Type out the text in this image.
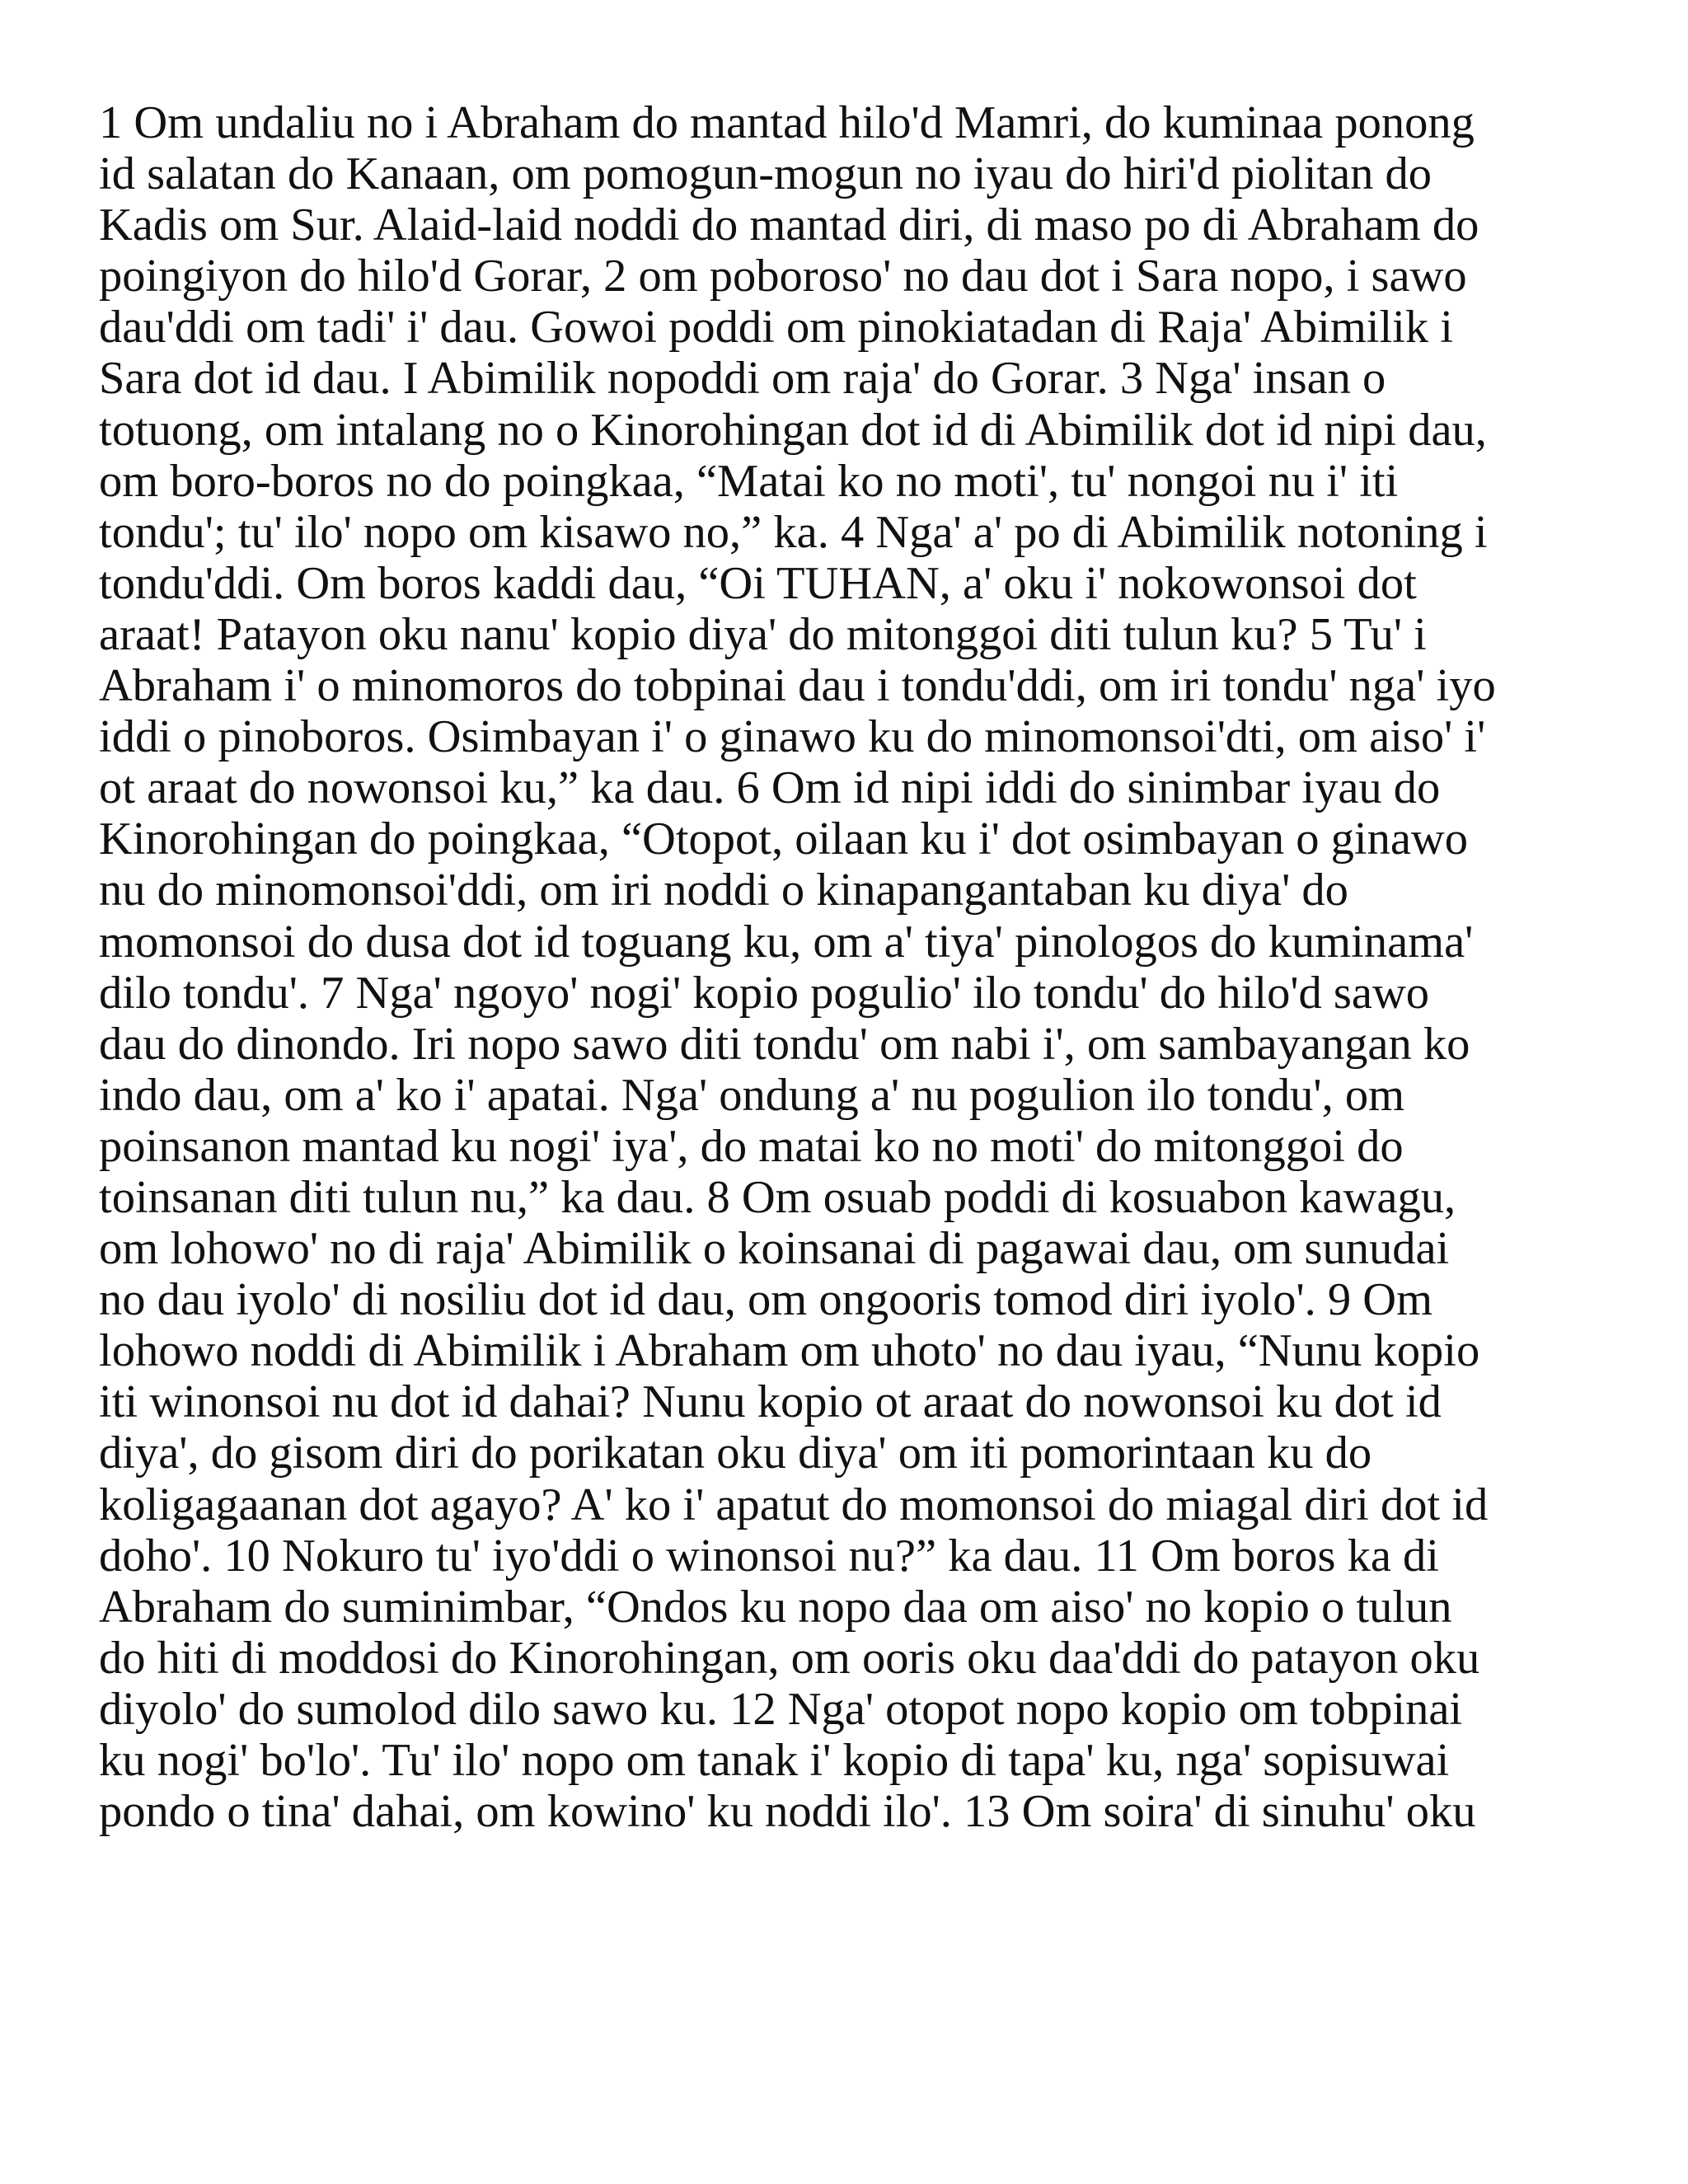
1 Om undaliu no i Abraham do mantad hilo'd Mamri, do kuminaa ponong
id salatan do Kanaan, om pomogun-mogun no iyau do hiri'd piolitan do
Kadis om Sur. Alaid-laid noddi do mantad diri, di maso po di Abraham do
poingiyon do hilo'd Gorar, 2 om poboroso' no dau dot i Sara nopo, i sawo
dau'ddi om tadi' i' dau. Gowoi poddi om pinokiatadan di Raja' Abimilik i
Sara dot id dau. I Abimilik nopoddi om raja' do Gorar. 3 Nga' insan o
totuong, om intalang no o Kinorohingan dot id di Abimilik dot id nipi dau,
om boro-boros no do poingkaa, “Matai ko no moti', tu' nongoi nu i' iti
tondu'; tu' ilo' nopo om kisawo no,” ka. 4 Nga' a' po di Abimilik notoning i
tondu'ddi. Om boros kaddi dau, “Oi TUHAN, a' oku i' nokowonsoi dot
araat! Patayon oku nanu' kopio diya' do mitonggoi diti tulun ku? 5 Tu' i
Abraham i' o minomoros do tobpinai dau i tondu'ddi, om iri tondu' nga' iyo
iddi o pinoboros. Osimbayan i' o ginawo ku do minomonsoi'dti, om aiso' i'
ot araat do nowonsoi ku,” ka dau. 6 Om id nipi iddi do sinimbar iyau do
Kinorohingan do poingkaa, “Otopot, oilaan ku i' dot osimbayan o ginawo
nu do minomonsoi'ddi, om iri noddi o kinapangantaban ku diya' do
momonsoi do dusa dot id toguang ku, om a' tiya' pinologos do kuminama'
dilo tondu'. 7 Nga' ngoyo' nogi' kopio pogulio' ilo tondu' do hilo'd sawo
dau do dinondo. Iri nopo sawo diti tondu' om nabi i', om sambayangan ko
indo dau, om a' ko i' apatai. Nga' ondung a' nu pogulion ilo tondu', om
poinsanon mantad ku nogi' iya', do matai ko no moti' do mitonggoi do
toinsanan diti tulun nu,” ka dau. 8 Om osuab poddi di kosuabon kawagu,
om lohowo' no di raja' Abimilik o koinsanai di pagawai dau, om sunudai
no dau iyolo' di nosiliu dot id dau, om ongooris tomod diri iyolo'. 9 Om
lohowo noddi di Abimilik i Abraham om uhoto' no dau iyau, “Nunu kopio
iti winonsoi nu dot id dahai? Nunu kopio ot araat do nowonsoi ku dot id
diya', do gisom diri do porikatan oku diya' om iti pomorintaan ku do
koligagaanan dot agayo? A' ko i' apatut do momonsoi do miagal diri dot id
doho'. 10 Nokuro tu' iyo'ddi o winonsoi nu?” ka dau. 11 Om boros ka di
Abraham do suminimbar, “Ondos ku nopo daa om aiso' no kopio o tulun
do hiti di moddosi do Kinorohingan, om ooris oku daa'ddi do patayon oku
diyolo' do sumolod dilo sawo ku. 12 Nga' otopot nopo kopio om tobpinai
ku nogi' bo'lo'. Tu' ilo' nopo om tanak i' kopio di tapa' ku, nga' sopisuwai
pondo o tina' dahai, om kowino' ku noddi ilo'. 13 Om soira' di sinuhu' oku
